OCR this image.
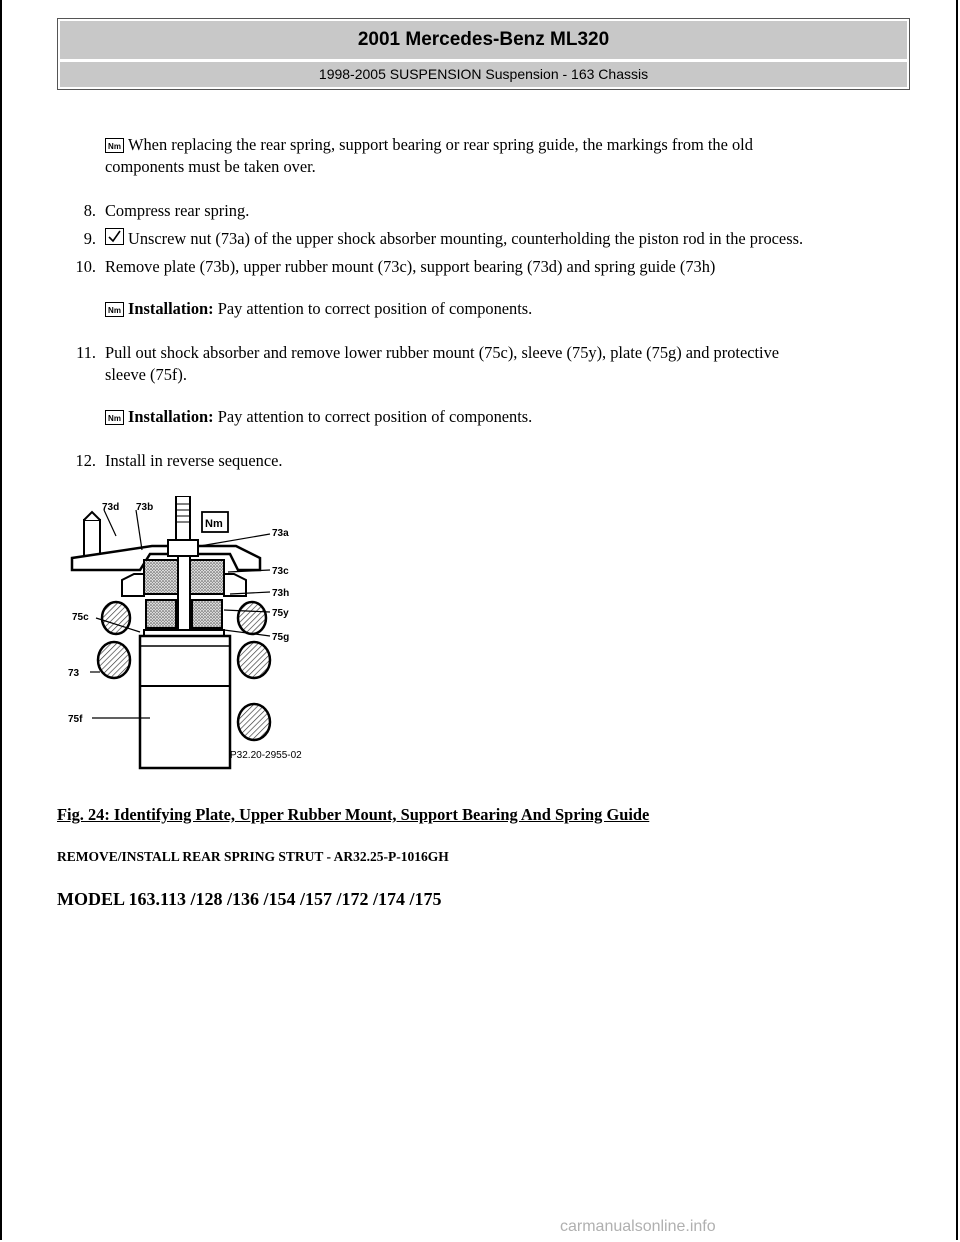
2001 Mercedes-Benz ML320
1998-2005 SUSPENSION Suspension - 163 Chassis
Nm When replacing the rear spring, support bearing or rear spring guide, the markings from the old
components must be taken over.
8. Compress rear spring.
9.	Unscrew nut (73a) of the upper shock absorber mounting, counterholding the piston rod in the process.
10. Remove plate (73b), upper rubber mount (73c), support bearing (73d) and spring guide (73h)
Nm Installation: Pay attention to correct position of components.
11. Pull out shock absorber and remove lower rubber mount (75c), sleeve (75y), plate (75g) and protective
sleeve (75f).
Nm Installation: Pay attention to correct position of components.
12. Install in reverse sequence.
73d 73b
Nm
73a
73c
73h
75y
75g
75c
73
75f
P32.20-2955-02
Fig. 24: Identifying Plate, Upper Rubber Mount, Support Bearing And Spring Guide
REMOVE/INSTALL REAR SPRING STRUT - AR32.25-P-1016GH
MODEL 163.113 /128 /136 /154 /157 /172 /174 /175
carmanualsonline.info
